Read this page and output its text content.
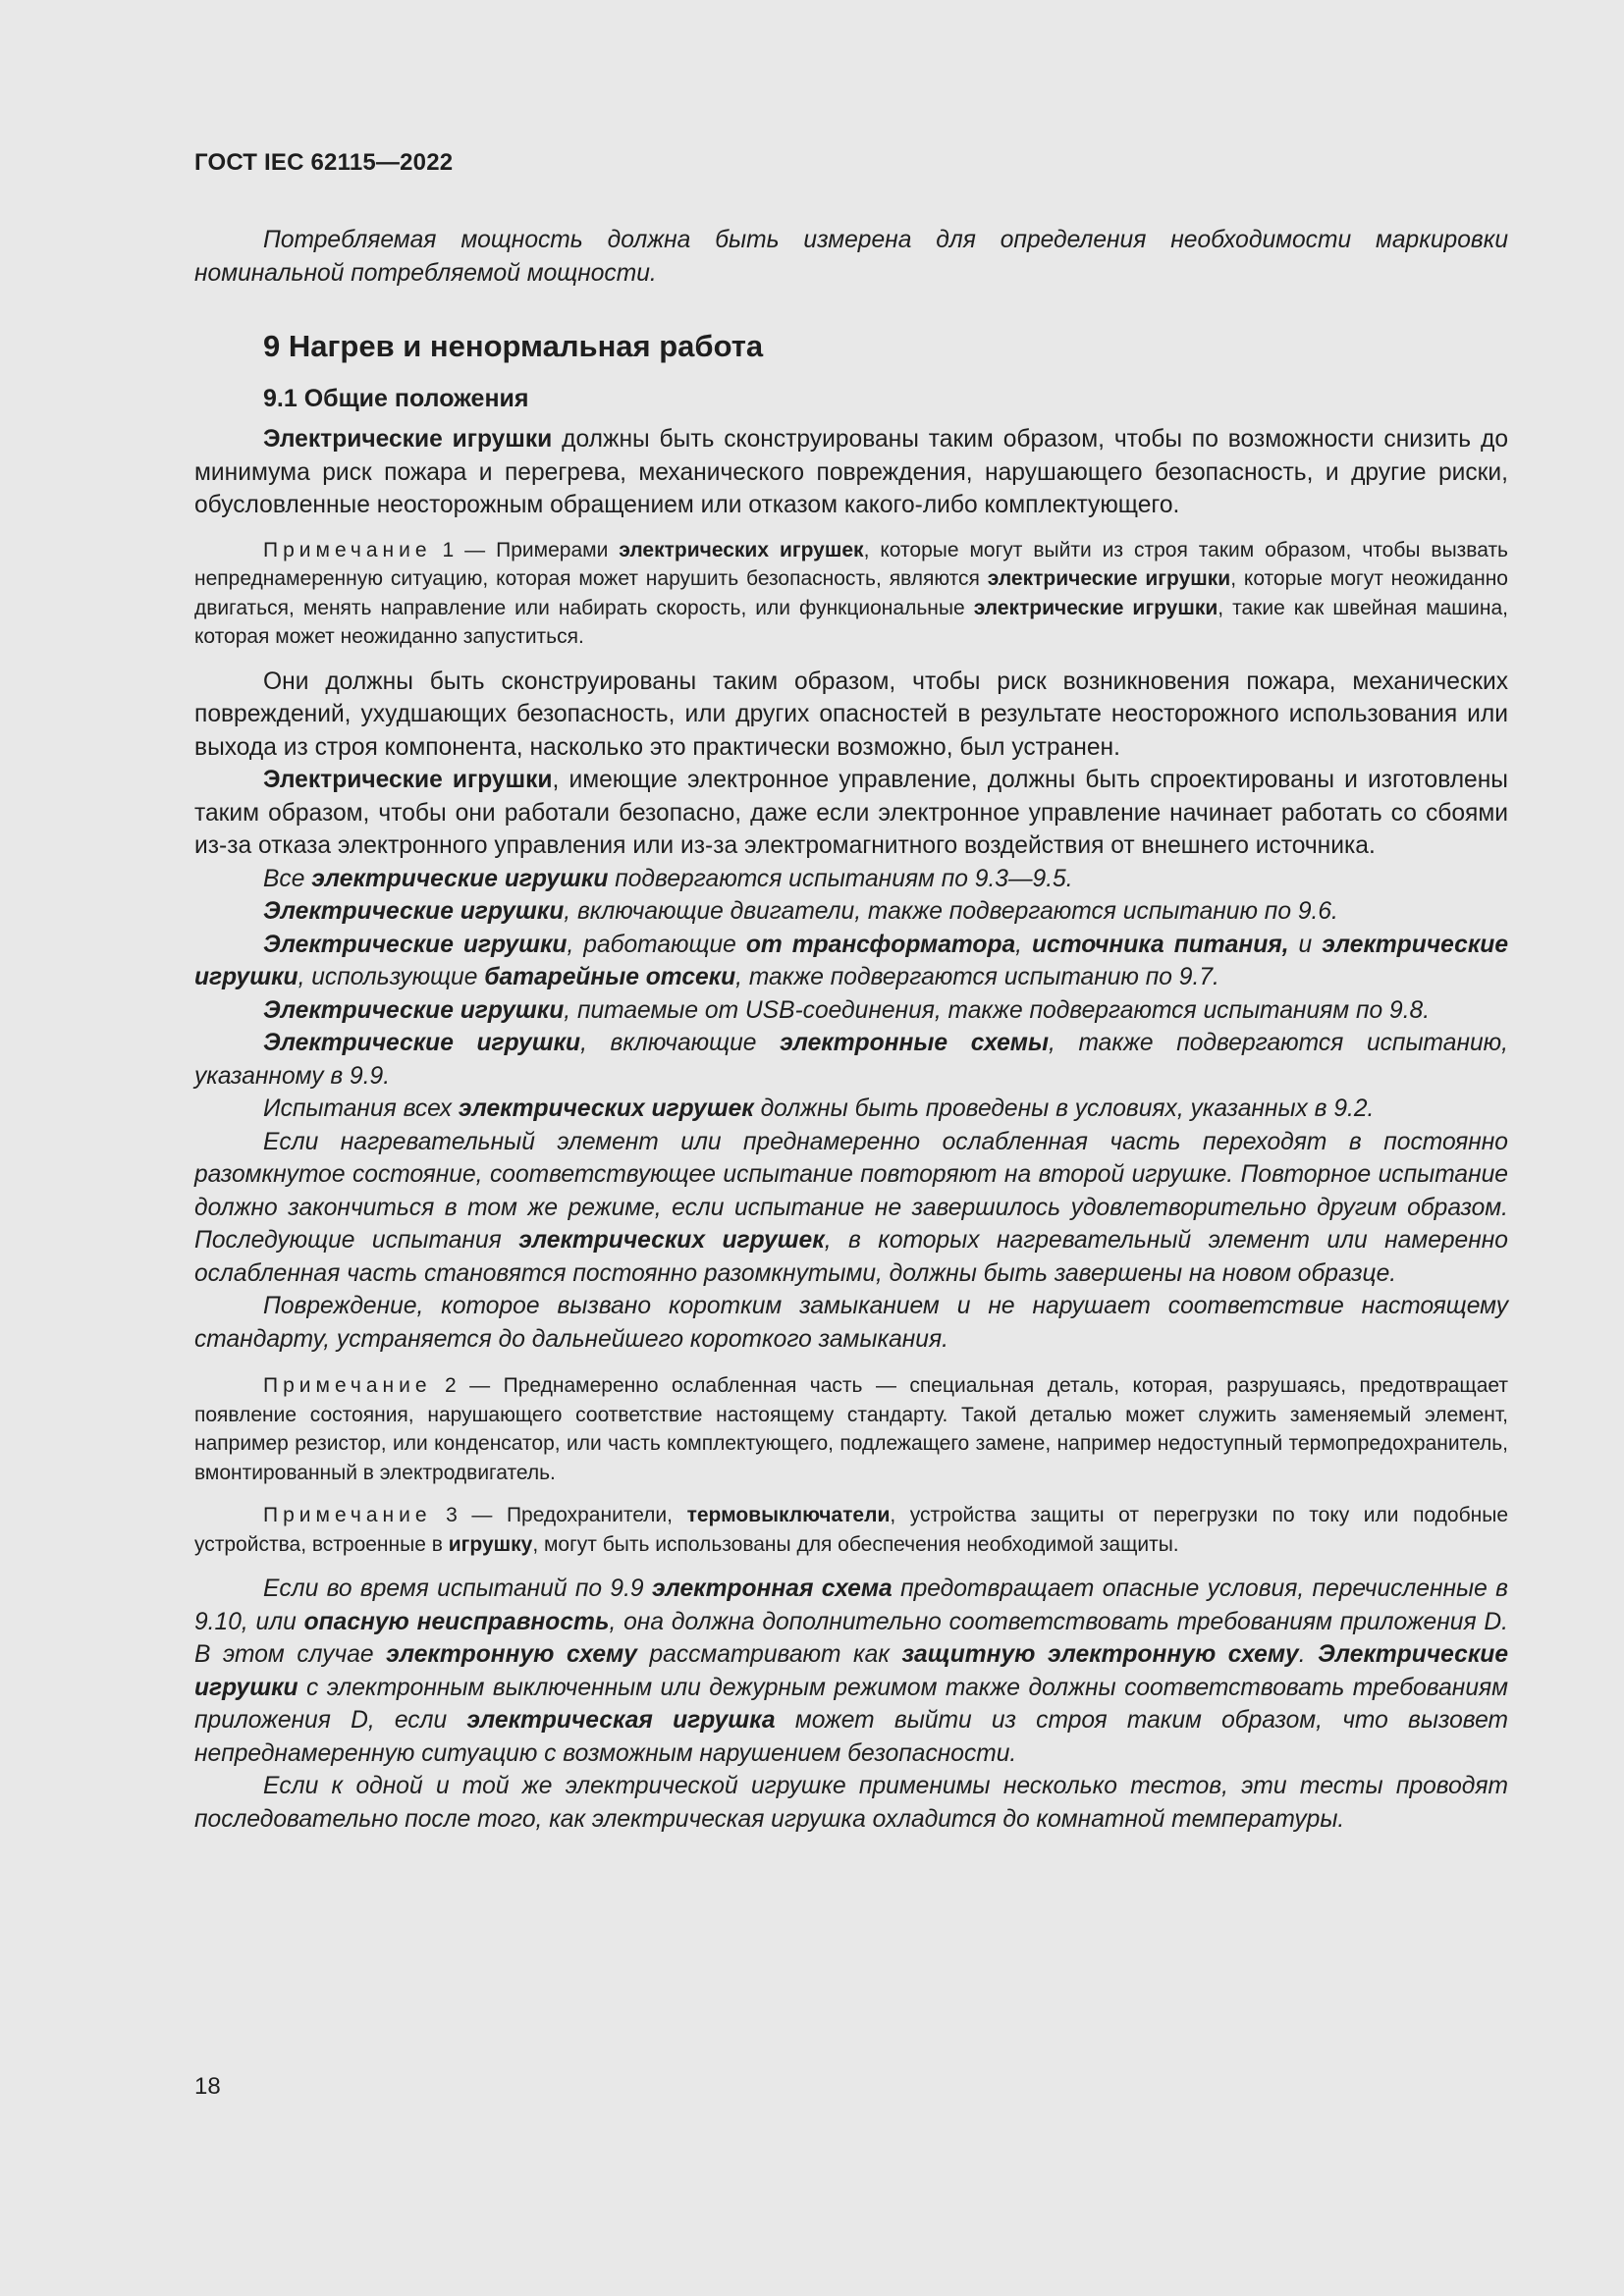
ГОСТ IEC 62115—2022

Потребляемая мощность должна быть измерена для определения необходимости маркировки номинальной потребляемой мощности.

9 Нагрев и ненормальная работа
9.1 Общие положения

Электрические игрушки должны быть сконструированы таким образом, чтобы по возможности снизить до минимума риск пожара и перегрева, механического повреждения, нарушающего безопасность, и другие риски, обусловленные неосторожным обращением или отказом какого-либо комплектующего.

Примечание 1 — Примерами электрических игрушек, которые могут выйти из строя таким образом, чтобы вызвать непреднамеренную ситуацию, которая может нарушить безопасность, являются электрические игрушки, которые могут неожиданно двигаться, менять направление или набирать скорость, или функциональные электрические игрушки, такие как швейная машина, которая может неожиданно запуститься.

Они должны быть сконструированы таким образом, чтобы риск возникновения пожара, механических повреждений, ухудшающих безопасность, или других опасностей в результате неосторожного использования или выхода из строя компонента, насколько это практически возможно, был устранен.

Электрические игрушки, имеющие электронное управление, должны быть спроектированы и изготовлены таким образом, чтобы они работали безопасно, даже если электронное управление начинает работать со сбоями из-за отказа электронного управления или из-за электромагнитного воздействия от внешнего источника.

Все электрические игрушки подвергаются испытаниям по 9.3—9.5.

Электрические игрушки, включающие двигатели, также подвергаются испытанию по 9.6.

Электрические игрушки, работающие от трансформатора, источника питания, и электрические игрушки, использующие батарейные отсеки, также подвергаются испытанию по 9.7.

Электрические игрушки, питаемые от USB-соединения, также подвергаются испытаниям по 9.8.

Электрические игрушки, включающие электронные схемы, также подвергаются испытанию, указанному в 9.9.

Испытания всех электрических игрушек должны быть проведены в условиях, указанных в 9.2.

Если нагревательный элемент или преднамеренно ослабленная часть переходят в постоянно разомкнутое состояние, соответствующее испытание повторяют на второй игрушке. Повторное испытание должно закончиться в том же режиме, если испытание не завершилось удовлетворительно другим образом. Последующие испытания электрических игрушек, в которых нагревательный элемент или намеренно ослабленная часть становятся постоянно разомкнутыми, должны быть завершены на новом образце.

Повреждение, которое вызвано коротким замыканием и не нарушает соответствие настоящему стандарту, устраняется до дальнейшего короткого замыкания.

Примечание 2 — Преднамеренно ослабленная часть — специальная деталь, которая, разрушаясь, предотвращает появление состояния, нарушающего соответствие настоящему стандарту. Такой деталью может служить заменяемый элемент, например резистор, или конденсатор, или часть комплектующего, подлежащего замене, например недоступный термопредохранитель, вмонтированный в электродвигатель.

Примечание 3 — Предохранители, термовыключатели, устройства защиты от перегрузки по току или подобные устройства, встроенные в игрушку, могут быть использованы для обеспечения необходимой защиты.

Если во время испытаний по 9.9 электронная схема предотвращает опасные условия, перечисленные в 9.10, или опасную неисправность, она должна дополнительно соответствовать требованиям приложения D. В этом случае электронную схему рассматривают как защитную электронную схему. Электрические игрушки с электронным выключенным или дежурным режимом также должны соответствовать требованиям приложения D, если электрическая игрушка может выйти из строя таким образом, что вызовет непреднамеренную ситуацию с возможным нарушением безопасности.

Если к одной и той же электрической игрушке применимы несколько тестов, эти тесты проводят последовательно после того, как электрическая игрушка охладится до комнатной температуры.

18
